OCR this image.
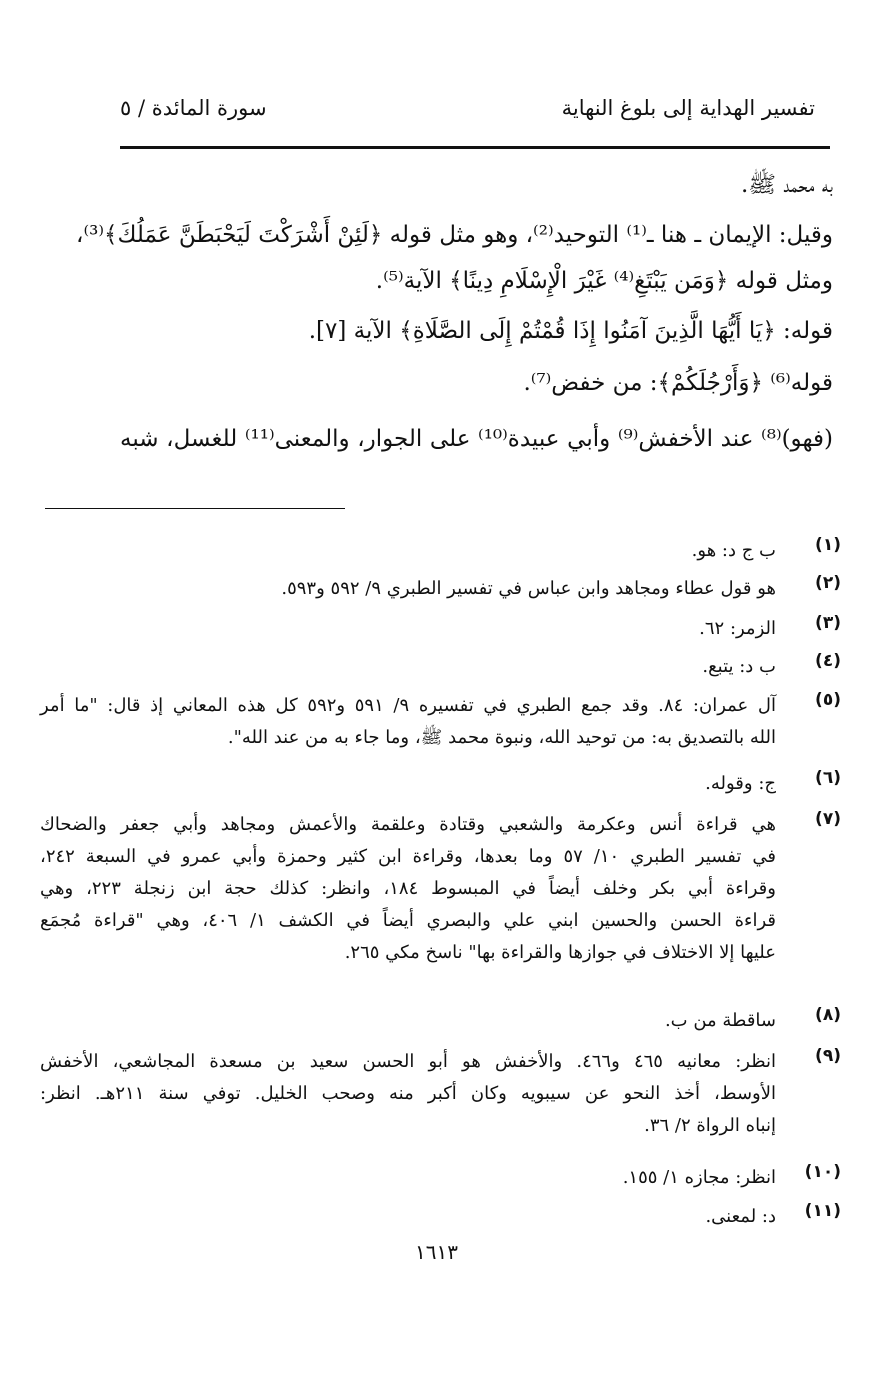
تفسير الهداية إلى بلوغ النهاية
سورة المائدة / ٥

به محمد ﷺ.

وقيل: الإيمان ـ هنا ـ⁽¹⁾ التوحيد⁽²⁾، وهو مثل قوله ﴿لَئِنْ أَشْرَكْتَ لَيَحْبَطَنَّ عَمَلُكَ﴾⁽³⁾،

ومثل قوله ﴿وَمَن يَبْتَغِ⁽⁴⁾ غَيْرَ الْإِسْلَامِ دِينًا﴾ الآية⁽⁵⁾.

قوله: ﴿يَا أَيُّهَا الَّذِينَ آمَنُوا إِذَا قُمْتُمْ إِلَى الصَّلَاةِ﴾ الآية [٧].

قوله⁽⁶⁾ ﴿وَأَرْجُلَكُمْ﴾: من خفض⁽⁷⁾.

(فهو)⁽⁸⁾ عند الأخفش⁽⁹⁾ وأبي عبيدة⁽¹⁰⁾ على الجوار، والمعنى⁽¹¹⁾ للغسل، شبه

(١)

ب ج د: هو.

(٢)

هو قول عطاء ومجاهد وابن عباس في تفسير الطبري ٩/ ٥٩٢ و٥٩٣.

(٣)

الزمر: ٦٢.

(٤)

ب د: يتبع.

(٥)

آل عمران: ٨٤. وقد جمع الطبري في تفسيره ٩/ ٥٩١ و٥٩٢ كل هذه المعاني إذ قال: "ما أمر

الله بالتصديق به: من توحيد الله، ونبوة محمد ﷺ، وما جاء به من عند الله".

(٦)

ج: وقوله.

(٧)

هي قراءة أنس وعكرمة والشعبي وقتادة وعلقمة والأعمش ومجاهد وأبي جعفر والضحاك

في تفسير الطبري ١٠/ ٥٧ وما بعدها، وقراءة ابن كثير وحمزة وأبي عمرو في السبعة ٢٤٢،

وقراءة أبي بكر وخلف أيضاً في المبسوط ١٨٤، وانظر: كذلك حجة ابن زنجلة ٢٢٣، وهي

قراءة الحسن والحسين ابني علي والبصري أيضاً في الكشف ١/ ٤٠٦، وهي "قراءة مُجمَع

عليها إلا الاختلاف في جوازها والقراءة بها" ناسخ مكي ٢٦٥.

(٨)

ساقطة من ب.

(٩)

انظر: معانيه ٤٦٥ و٤٦٦. والأخفش هو أبو الحسن سعيد بن مسعدة المجاشعي، الأخفش

الأوسط، أخذ النحو عن سيبويه وكان أكبر منه وصحب الخليل. توفي سنة ٢١١هـ. انظر:

إنباه الرواة ٢/ ٣٦.

(١٠)

انظر: مجازه ١/ ١٥٥.

(١١)

د: لمعنى.

١٦١٣
